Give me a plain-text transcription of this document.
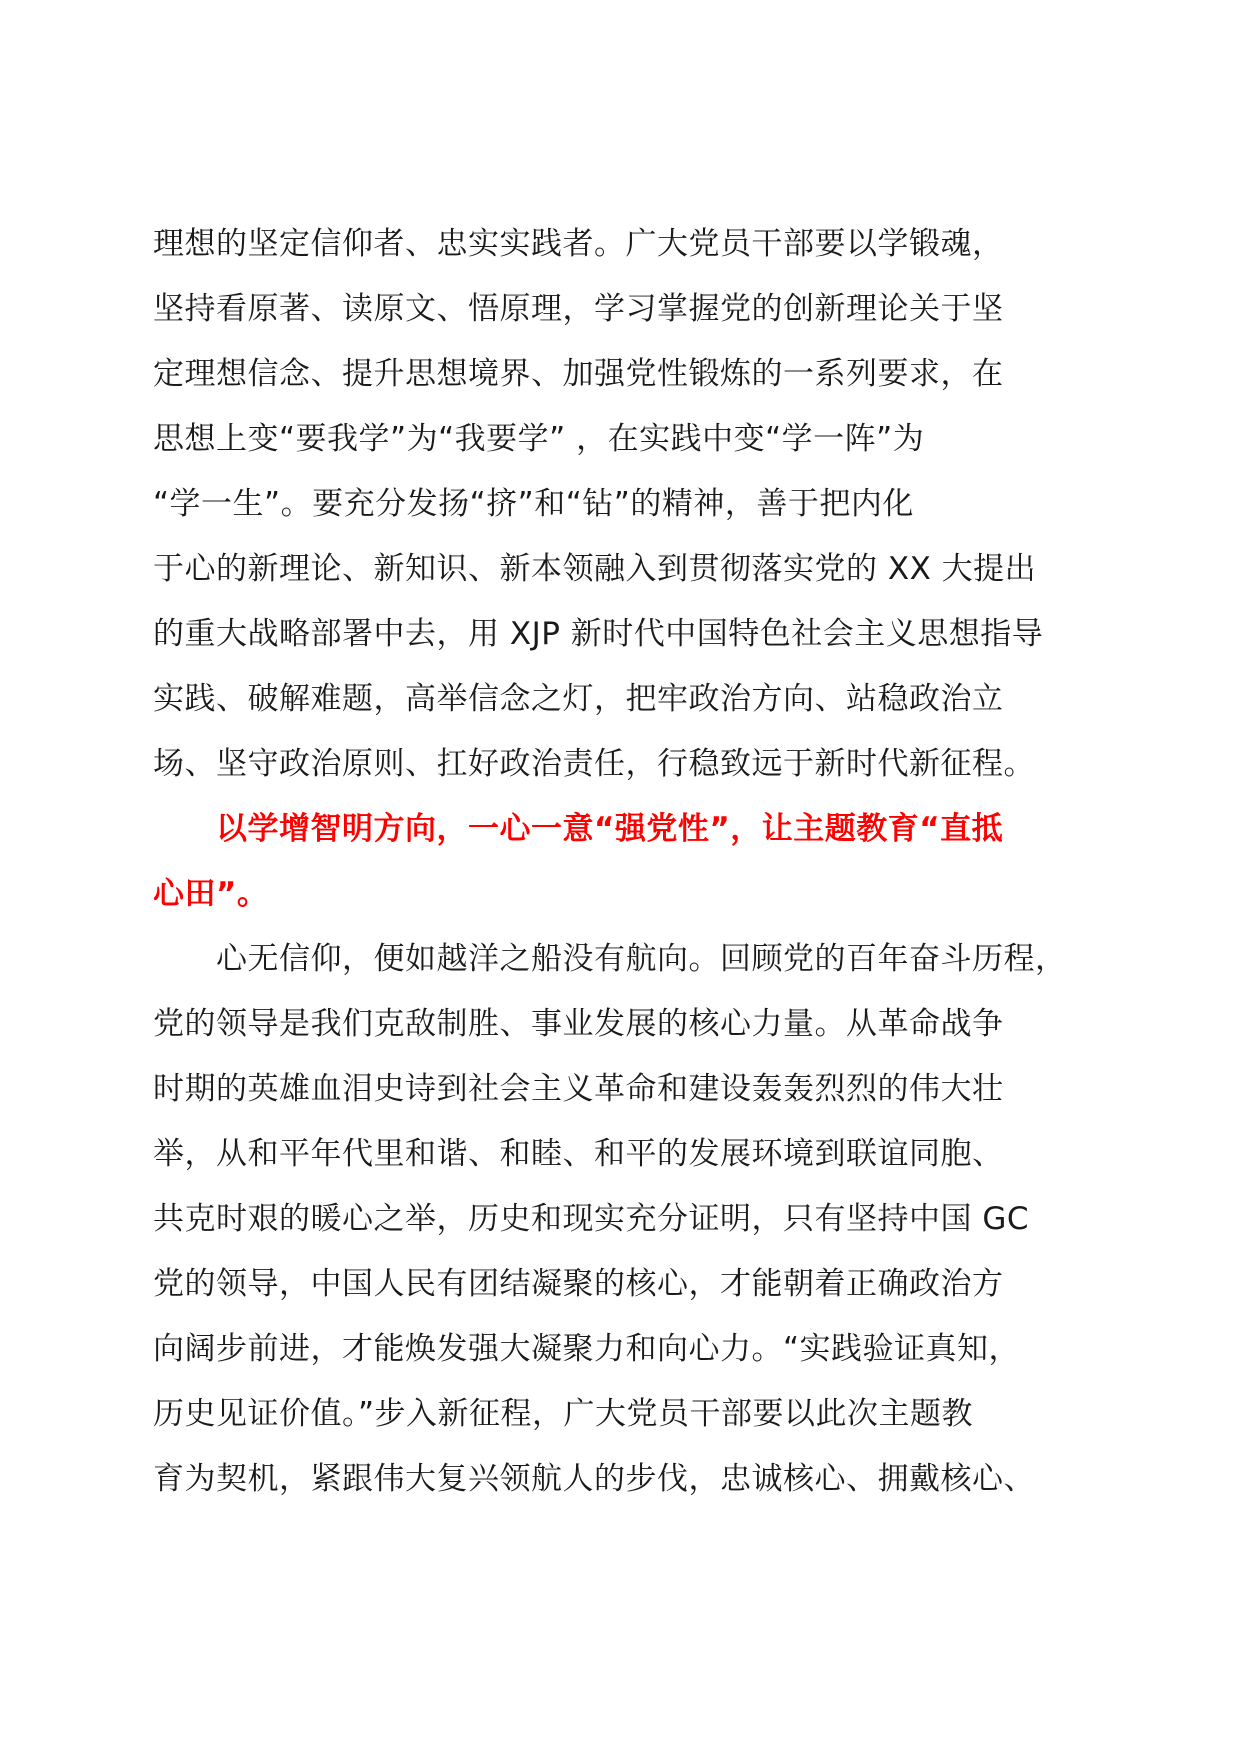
理想的坚定信仰者、忠实实践者。广大党员干部要以学锻魂，
坚持看原著、读原文、悟原理，学习掌握党的创新理论关于坚
定理想信念、提升思想境界、加强党性锻炼的一系列要求，在
思想上变“要我学”为“我要学” ，在实践中变“学一阵”为
“学一生”。要充分发扬“挤”和“钻”的精神，善于把内化
于心的新理论、新知识、新本领融入到贯彻落实党的 XX 大提出
的重大战略部署中去，用 XJP 新时代中国特色社会主义思想指导
实践、破解难题，高举信念之灯，把牢政治方向、站稳政治立
场、坚守政治原则、扛好政治责任，行稳致远于新时代新征程。
　　以学增智明方向，一心一意“强党性”，让主题教育“直抵
心田”。
　　心无信仰，便如越洋之船没有航向。回顾党的百年奋斗历程，
党的领导是我们克敌制胜、事业发展的核心力量。从革命战争
时期的英雄血泪史诗到社会主义革命和建设轰轰烈烈的伟大壮
举，从和平年代里和谐、和睦、和平的发展环境到联谊同胞、
共克时艰的暖心之举，历史和现实充分证明，只有坚持中国 GC
党的领导，中国人民有团结凝聚的核心，才能朝着正确政治方
向阔步前进，才能焕发强大凝聚力和向心力。“实践验证真知，
历史见证价值。”步入新征程，广大党员干部要以此次主题教
育为契机，紧跟伟大复兴领航人的步伐，忠诚核心、拥戴核心、
